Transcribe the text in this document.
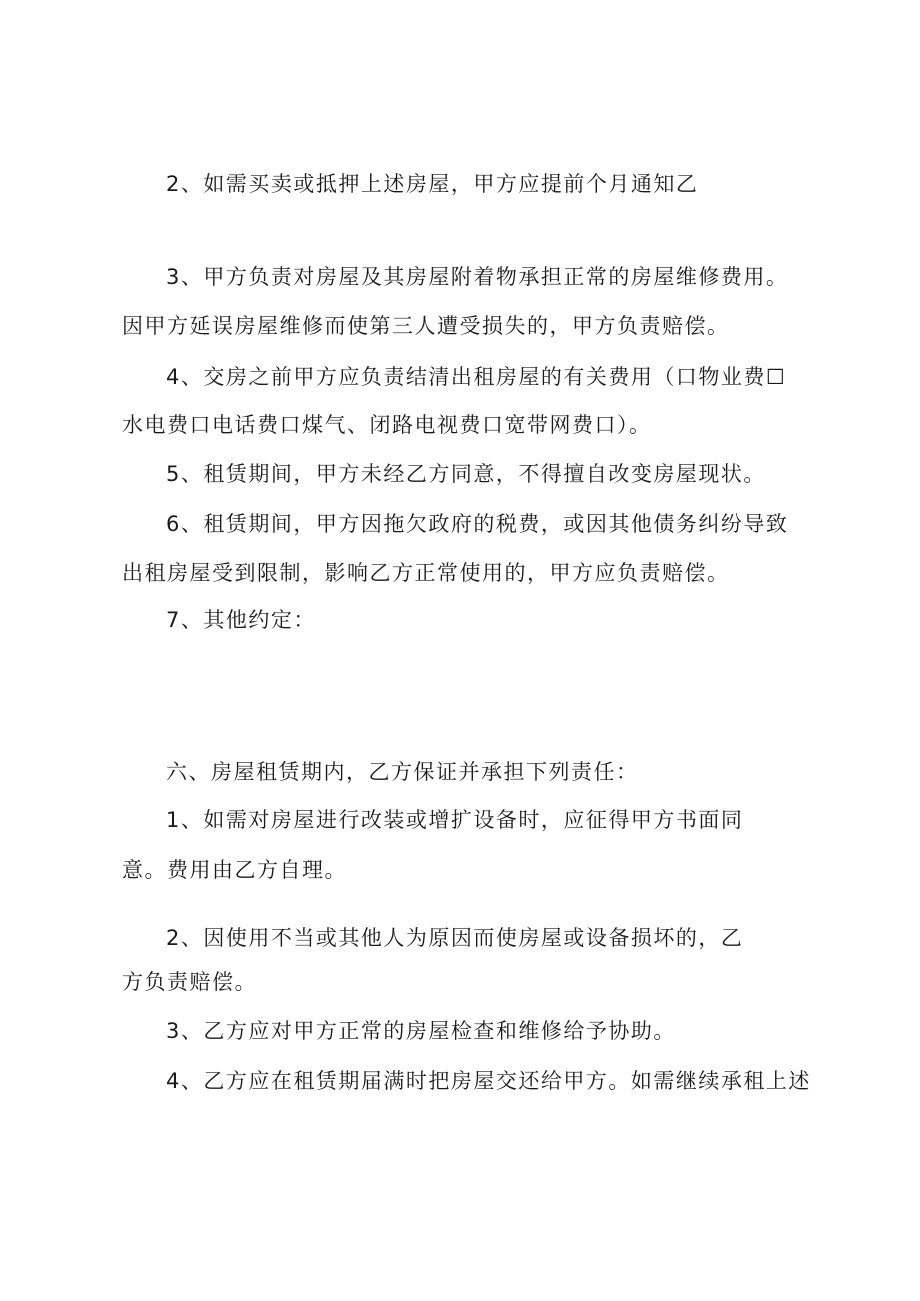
2、如需买卖或抵押上述房屋，甲方应提前个月通知乙
3、甲方负责对房屋及其房屋附着物承担正常的房屋维修费用。
因甲方延误房屋维修而使第三人遭受损失的，甲方负责赔偿。
4、交房之前甲方应负责结清出租房屋的有关费用（口物业费☐
水电费口电话费口煤气、闭路电视费口宽带网费口）。
5、租赁期间，甲方未经乙方同意，不得擅自改变房屋现状。
6、租赁期间，甲方因拖欠政府的税费，或因其他债务纠纷导致
出租房屋受到限制，影响乙方正常使用的，甲方应负责赔偿。
7、其他约定：
六、房屋租赁期内，乙方保证并承担下列责任：
1、如需对房屋进行改装或增扩设备时，应征得甲方书面同
意。费用由乙方自理。
2、因使用不当或其他人为原因而使房屋或设备损坏的，乙
方负责赔偿。
3、乙方应对甲方正常的房屋检查和维修给予协助。
4、乙方应在租赁期届满时把房屋交还给甲方。如需继续承租上述
